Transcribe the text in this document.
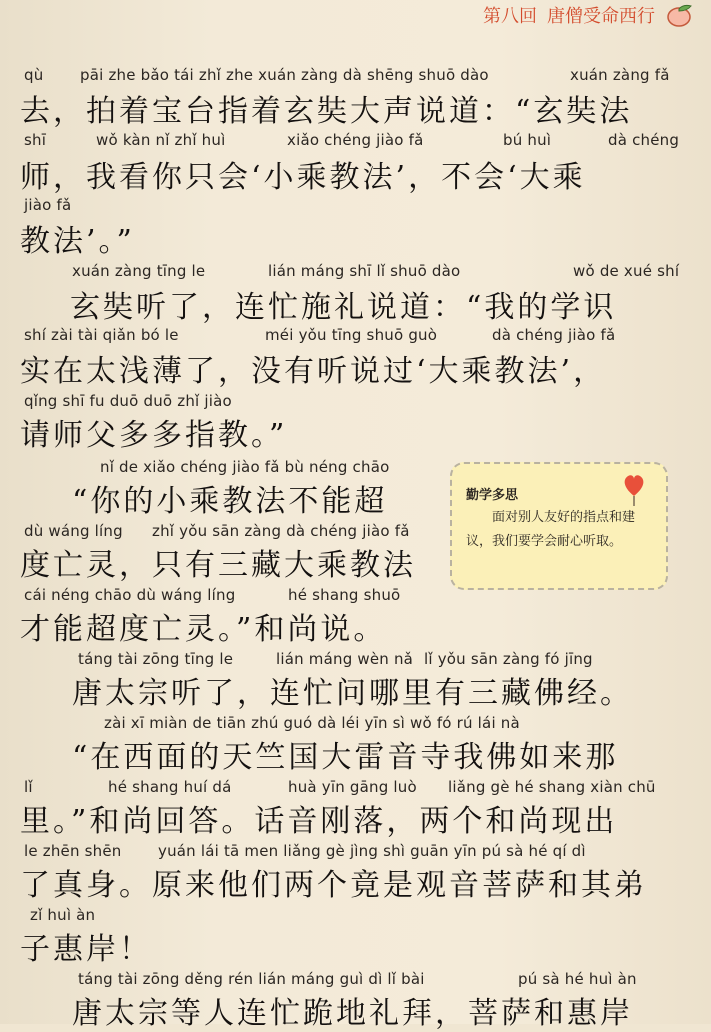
第八回 唐僧受命西行
qù pāi zhe bǎo tái zhǐ zhe xuán zàng dà shēng shuō dào	xuán zàng fǎ
去，拍着宝台指着玄奘大声说道：“玄奘法
shī	wǒ kàn nǐ zhǐ huì	xiǎo chéng jiào fǎ	bú huì	dà chéng
师，我看你只会‘小乘教法’，不会‘大乘
jiào fǎ
教法’。”
xuán zàng tīng le	lián máng shī lǐ shuō dào	wǒ de xué shí
玄奘听了，连忙施礼说道：“我的学识
shí zài tài qiǎn bó le	méi yǒu tīng shuō guò	dà chéng jiào fǎ
实在太浅薄了，没有听说过‘大乘教法’，
qǐng shī fu duō duō zhǐ jiào
请师父多多指教。”
nǐ de xiǎo chéng jiào fǎ bù néng chāo
“你的小乘教法不能超
dù wáng líng zhǐ yǒu sān zàng dà chéng jiào fǎ
度亡灵，只有三藏大乘教法
cái néng chāo dù wáng líng	hé shang shuō
才能超度亡灵。”和尚说。
táng tài zōng tīng le	lián máng wèn nǎ lǐ yǒu sān zàng fó jīng
唐太宗听了，连忙问哪里有三藏佛经。
zài xī miàn de tiān zhú guó dà léi yīn sì wǒ fó rú lái nà
“在西面的天竺国大雷音寺我佛如来那
lǐ	hé shang huí dá	huà yīn gāng luò liǎng gè hé shang xiàn chū
里。”和尚回答。话音刚落，两个和尚现出
le zhēn shēn yuán lái tā men liǎng gè jìng shì guān yīn pú sà hé qí dì
了真身。原来他们两个竟是观音菩萨和其弟
zǐ huì àn
子惠岸！
táng tài zōng děng rén lián máng guì dì lǐ bài	pú sà hé huì àn
唐太宗等人连忙跪地礼拜，菩萨和惠岸
勤学多思
面对别人友好的指点和建议，我们要学会耐心听取。
